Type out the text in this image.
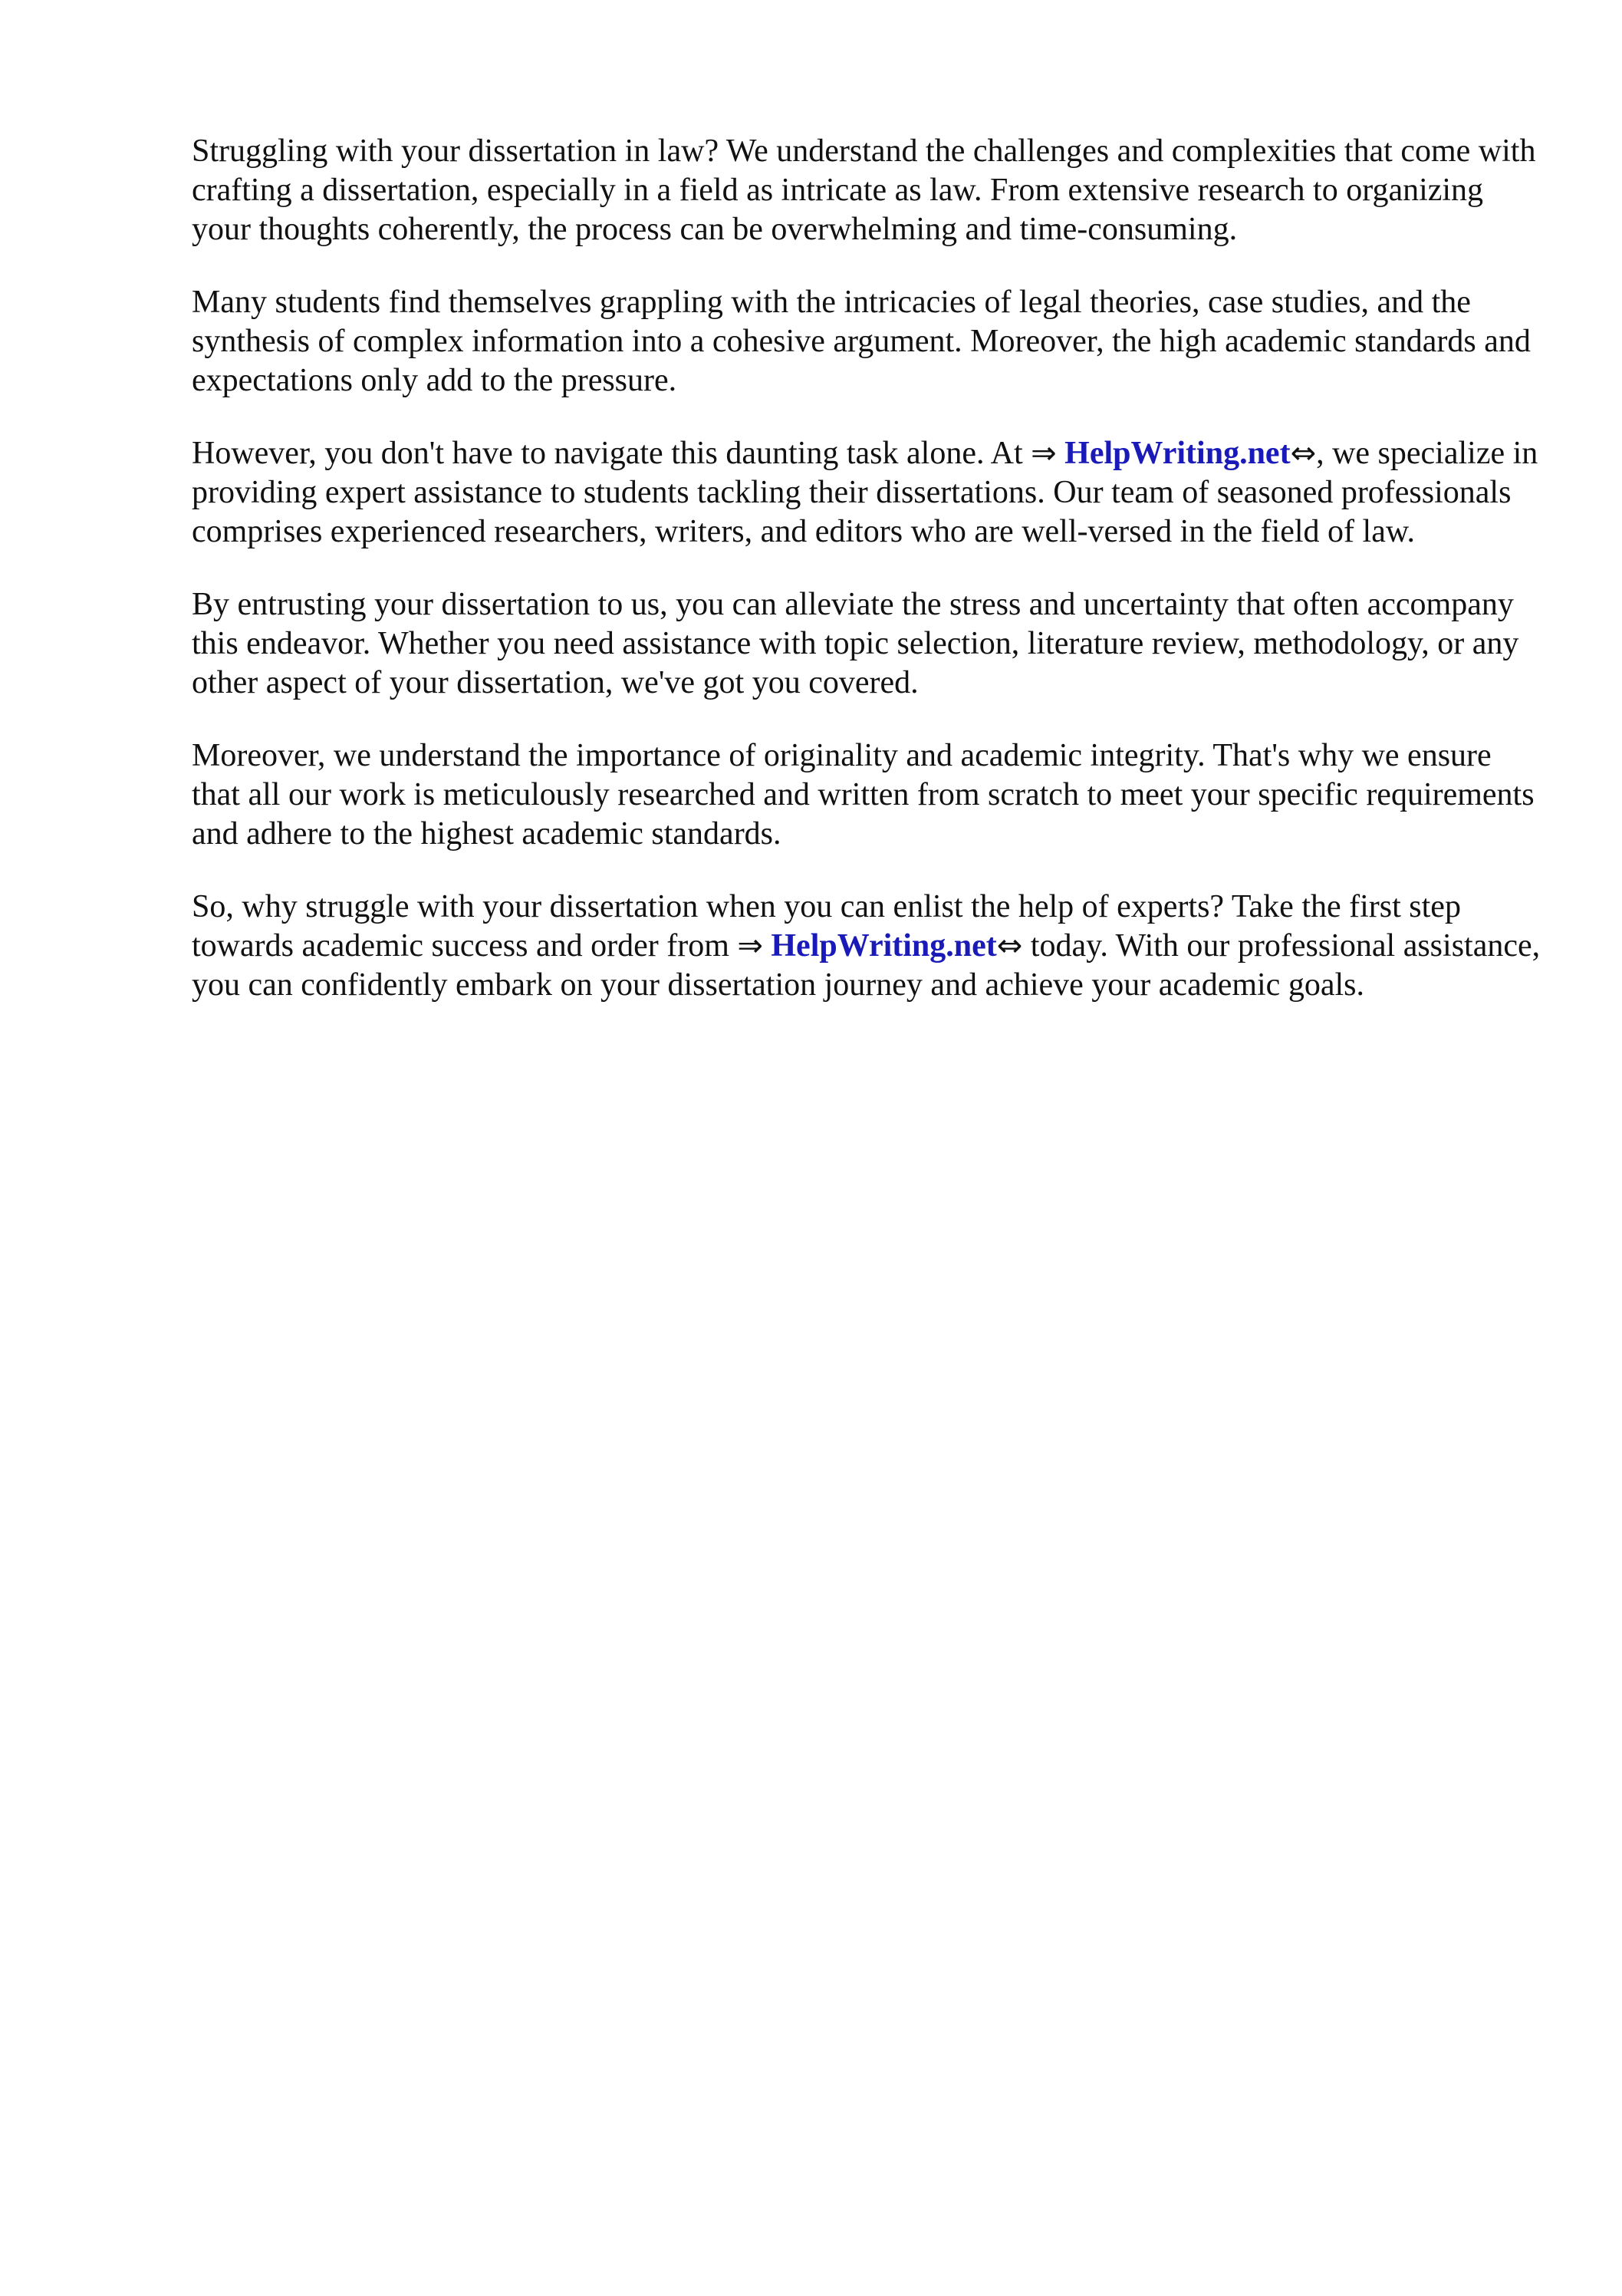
Struggling with your dissertation in law? We understand the challenges and complexities that come with crafting a dissertation, especially in a field as intricate as law. From extensive research to organizing your thoughts coherently, the process can be overwhelming and time-consuming.

Many students find themselves grappling with the intricacies of legal theories, case studies, and the synthesis of complex information into a cohesive argument. Moreover, the high academic standards and expectations only add to the pressure.

However, you don't have to navigate this daunting task alone. At ⇒ HelpWriting.net⇔, we specialize in providing expert assistance to students tackling their dissertations. Our team of seasoned professionals comprises experienced researchers, writers, and editors who are well-versed in the field of law.

By entrusting your dissertation to us, you can alleviate the stress and uncertainty that often accompany this endeavor. Whether you need assistance with topic selection, literature review, methodology, or any other aspect of your dissertation, we've got you covered.

Moreover, we understand the importance of originality and academic integrity. That's why we ensure that all our work is meticulously researched and written from scratch to meet your specific requirements and adhere to the highest academic standards.

So, why struggle with your dissertation when you can enlist the help of experts? Take the first step towards academic success and order from ⇒ HelpWriting.net⇔ today. With our professional assistance, you can confidently embark on your dissertation journey and achieve your academic goals.
